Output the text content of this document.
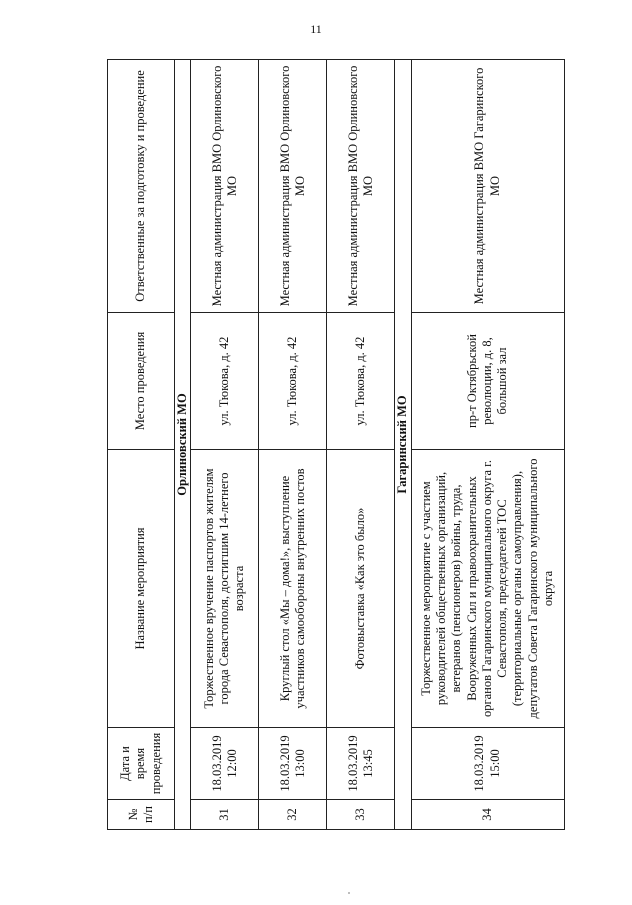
11
№ п/п	Дата и время проведения	Название мероприятия	Место проведения	Ответственные за подготовку и проведение
Орлиновский МО				
31	18.03.2019 12:00	Торжественное вручение паспортов жителям города Севастополя, достигшим 14-летнего возраста	ул. Тюкова, д. 42	Местная администрация ВМО Орлиновского МО
32	18.03.2019 13:00	Круглый стол «Мы – дома!», выступление участников самообороны внутренних постов	ул. Тюкова, д. 42	Местная администрация ВМО Орлиновского МО
33	18.03.2019 13:45	Фотовыставка «Как это было»	ул. Тюкова, д. 42	Местная администрация ВМО Орлиновского МО
Гагаринский МО				
34	18.03.2019 15:00	Торжественное мероприятие с участием руководителей общественных организаций, ветеранов (пенсионеров) войны, труда, Вооруженных Сил и правоохранительных органов Гагаринского муниципального округа г. Севастополя, председателей ТОС (территориальные органы самоуправления), депутатов Совета Гагаринского муниципального округа	пр-т Октябрьской революции, д. 8, большой зал	Местная администрация ВМО Гагаринского МО
